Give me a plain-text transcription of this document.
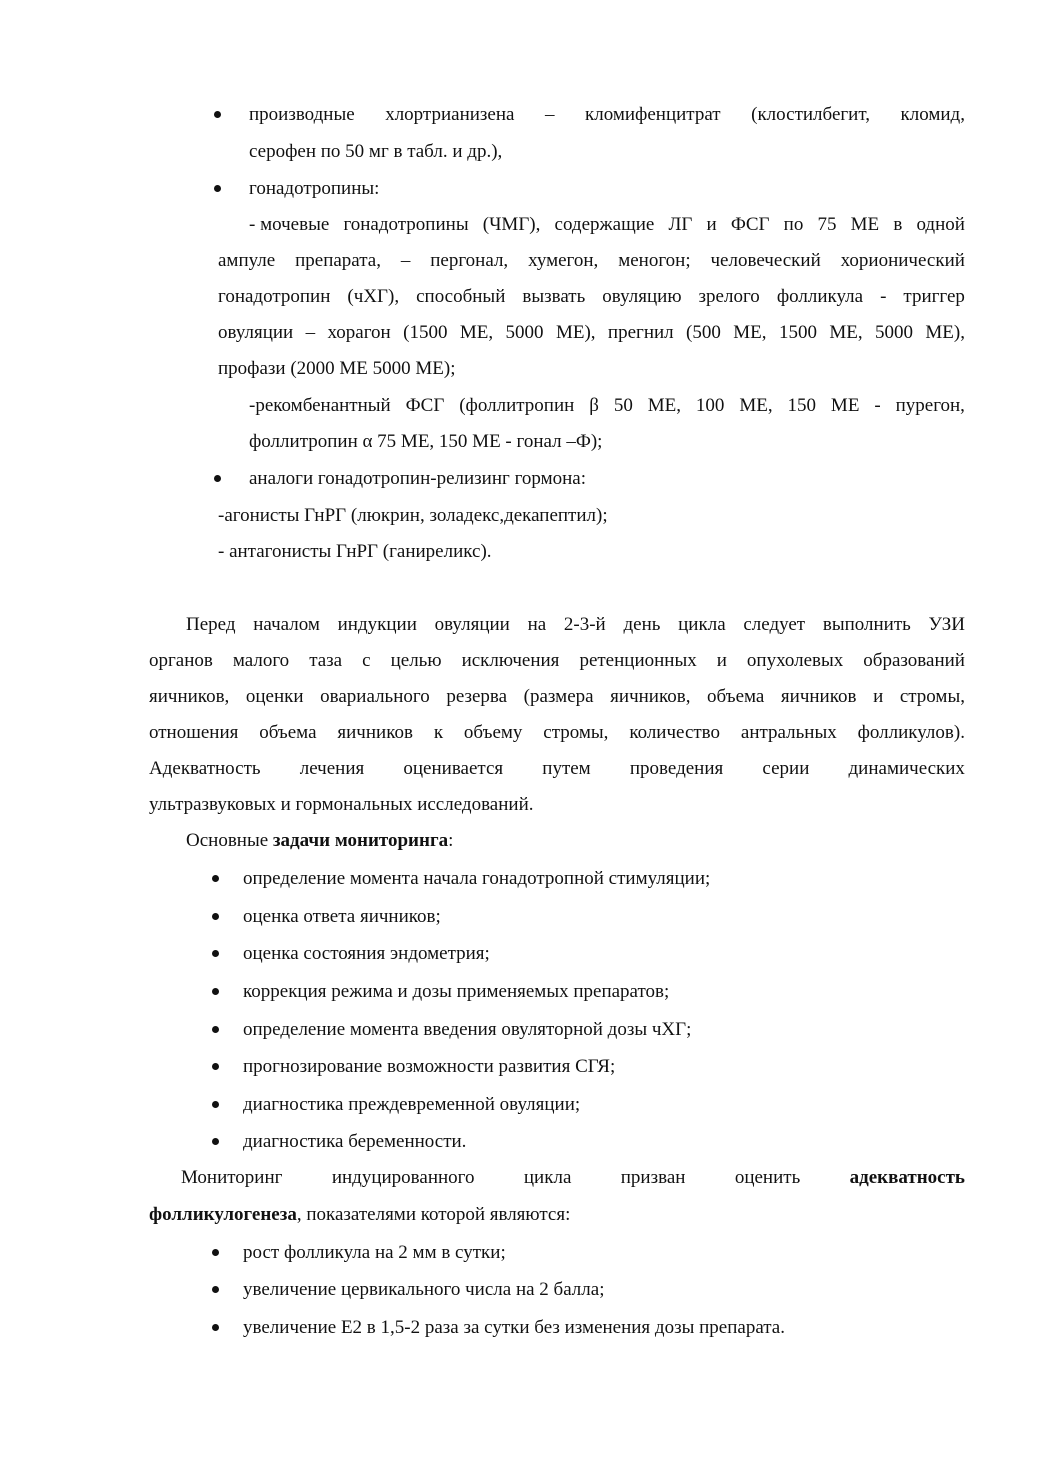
производные хлортрианизена – кломифенцитрат (клостилбегит, кломид,
серофен по 50 мг в табл. и др.),
гонадотропины:
- мочевые гонадотропины (ЧМГ), содержащие ЛГ и ФСГ по 75 МЕ в одной
ампуле препарата, – пергонал, хумегон, меногон; человеческий хорионический
гонадотропин (чХГ), способный вызвать овуляцию зрелого фолликула - триггер
овуляции – хорагон (1500 МЕ, 5000 МЕ), прегнил (500 МЕ, 1500 МЕ, 5000 МЕ),
профази (2000 МЕ 5000 МЕ);
-рекомбенантный ФСГ (фоллитропин β 50 МЕ, 100 МЕ, 150 МЕ - пурегон,
фоллитропин α 75 МЕ, 150 МЕ - гонал –Ф);
аналоги гонадотропин-релизинг гормона:
-агонисты ГнРГ (люкрин, золадекс,декапептил);
- антагонисты ГнРГ (ганиреликс).
Перед началом индукции овуляции на 2-3-й день цикла следует выполнить УЗИ
органов малого таза с целью исключения ретенционных и опухолевых образований
яичников, оценки овариального резерва (размера яичников, объема яичников и стромы,
отношения объема яичников к объему стромы, количество антральных фолликулов).
Адекватность лечения оценивается путем проведения серии динамических
ультразвуковых и гормональных исследований.
Основные задачи мониторинга:
определение момента начала гонадотропной стимуляции;
оценка ответа яичников;
оценка состояния эндометрия;
коррекция режима и дозы применяемых препаратов;
определение момента введения овуляторной дозы чХГ;
прогнозирование возможности развития СГЯ;
диагностика преждевременной овуляции;
диагностика беременности.
Мониторинг	индуцированного	цикла	призван	оценить	адекватность
фолликулогенеза, показателями которой являются:
рост фолликула на 2 мм в сутки;
увеличение цервикального числа на 2 балла;
увеличение Е2 в 1,5-2 раза за сутки без изменения дозы препарата.
